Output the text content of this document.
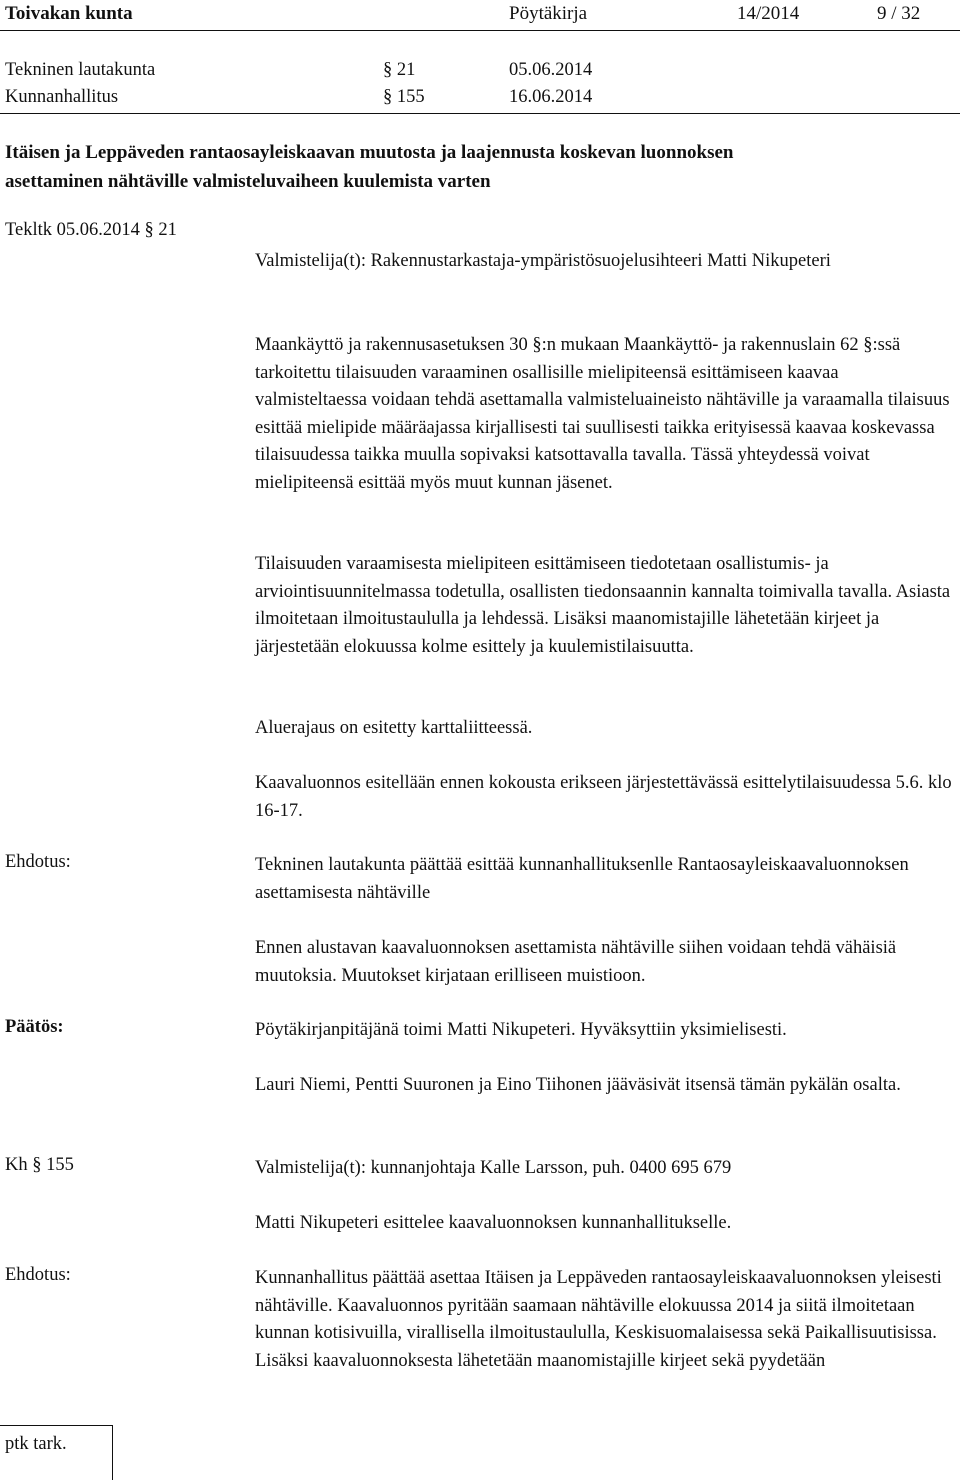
Toivakan kunta	Pöytäkirja	14/2014	9 / 32
Tekninen lautakunta	§ 21	05.06.2014
Kunnanhallitus	§ 155	16.06.2014
Itäisen ja Leppäveden rantaosayleiskaavan muutosta ja laajennusta koskevan luonnoksen
asettaminen nähtäville valmisteluvaiheen kuulemista varten
Tekltk 05.06.2014 § 21
Valmistelija(t): Rakennustarkastaja-ympäristösuojelusihteeri Matti Nikupeteri
Maankäyttö ja rakennusasetuksen 30 §:n mukaan Maankäyttö- ja rakennuslain 62 §:ssä tarkoitettu tilaisuuden varaaminen osallisille mielipiteensä esittämiseen kaavaa valmisteltaessa voidaan tehdä asettamalla valmisteluaineisto nähtäville ja varaamalla tilaisuus esittää mielipide määräajassa kirjallisesti tai suullisesti taikka erityisessä kaavaa koskevassa tilaisuudessa taikka muulla sopivaksi katsottavalla tavalla. Tässä yhteydessä voivat mielipiteensä esittää myös muut kunnan jäsenet.
Tilaisuuden varaamisesta mielipiteen esittämiseen tiedotetaan osallistumis- ja arviointisuunnitelmassa todetulla, osallisten tiedonsaannin kannalta toimivalla tavalla. Asiasta ilmoitetaan ilmoitustaululla ja lehdessä. Lisäksi maanomistajille lähetetään kirjeet ja järjestetään elokuussa kolme esittely ja kuulemistilaisuutta.
Aluerajaus on esitetty karttaliitteessä.
Kaavaluonnos esitellään ennen kokousta erikseen järjestettävässä esittelytilaisuudessa 5.6. klo 16-17.
Ehdotus:	Tekninen lautakunta päättää esittää kunnanhallituksenlle Rantaosayleiskaavaluonnoksen asettamisesta nähtäville
Ennen alustavan kaavaluonnoksen asettamista nähtäville siihen voidaan tehdä vähäisiä muutoksia. Muutokset kirjataan erilliseen muistioon.
Päätös:	Pöytäkirjanpitäjänä toimi Matti Nikupeteri. Hyväksyttiin yksimielisesti.
Lauri Niemi, Pentti Suuronen ja Eino Tiihonen jääväsivät itsensä tämän pykälän osalta.
Kh § 155	Valmistelija(t): kunnanjohtaja Kalle Larsson, puh. 0400 695 679
Matti Nikupeteri esittelee kaavaluonnoksen kunnanhallitukselle.
Ehdotus:	Kunnanhallitus päättää asettaa Itäisen ja Leppäveden rantaosayleiskaavaluonnoksen yleisesti nähtäville. Kaavaluonnos pyritään saamaan nähtäville elokuussa 2014 ja siitä ilmoitetaan kunnan kotisivuilla, virallisella ilmoitustaululla, Keskisuomalaisessa sekä Paikallisuutisissa. Lisäksi kaavaluonnoksesta lähetetään maanomistajille kirjeet sekä pyydetään
ptk tark.
